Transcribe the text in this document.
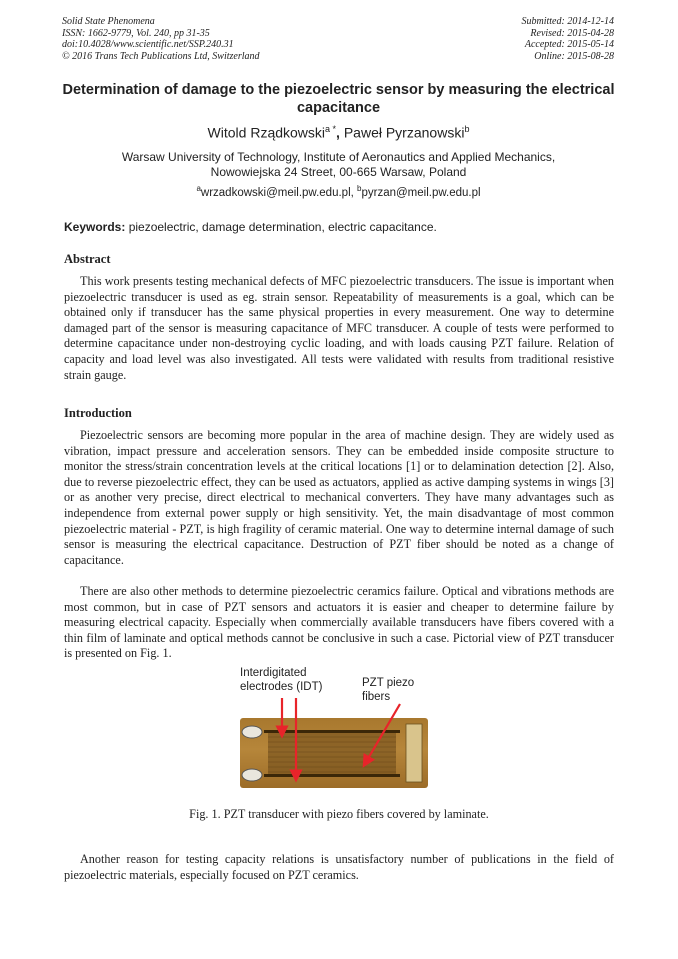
Solid State Phenomena
ISSN: 1662-9779, Vol. 240, pp 31-35
doi:10.4028/www.scientific.net/SSP.240.31
© 2016 Trans Tech Publications Ltd, Switzerland
Submitted: 2014-12-14
Revised: 2015-04-28
Accepted: 2015-05-14
Online: 2015-08-28
Determination of damage to the piezoelectric sensor by measuring the electrical capacitance
Witold Rządkowski$^{a *}$, Paweł Pyrzanowski$^b$
Warsaw University of Technology, Institute of Aeronautics and Applied Mechanics,
Nowowiejska 24 Street, 00-665 Warsaw, Poland
$^a$wrzadkowski@meil.pw.edu.pl, $^b$pyrzan@meil.pw.edu.pl
Keywords: piezoelectric, damage determination, electric capacitance.
Abstract

This work presents testing mechanical defects of MFC piezoelectric transducers. The issue is important when piezoelectric transducer is used as eg. strain sensor. Repeatability of measurements is a goal, which can be obtained only if transducer has the same physical properties in every measurement. One way to determine damaged part of the sensor is measuring capacitance of MFC transducer. A couple of tests were performed to determine capacitance under non-destroying cyclic loading, and with loads causing PZT failure. Relation of capacity and load level was also investigated. All tests were validated with results from traditional resistive strain gauge.

Introduction

Piezoelectric sensors are becoming more popular in the area of machine design. They are widely used as vibration, impact pressure and acceleration sensors. They can be embedded inside composite structure to monitor the stress/strain concentration levels at the critical locations [1] or to delamination detection [2]. Also, due to reverse piezoelectric effect, they can be used as actuators, applied as active damping systems in wings [3] or as another very precise, direct electrical to mechanical converters. They have many advantages such as independence from external power supply or high sensitivity. Yet, the main disadvantage of most common piezoelectric material - PZT, is high fragility of ceramic material. One way to determine internal damage of such sensor is measuring the electrical capacitance. Destruction of PZT fiber should be noted as a change of capacitance.

There are also other methods to determine piezoelectric ceramics failure. Optical and vibrations methods are most common, but in case of PZT sensors and actuators it is easier and cheaper to determine failure by measuring electrical capacity. Especially when commercially available transducers have fibers covered with a thin film of laminate and optical methods cannot be conclusive in such a case. Pictorial view of PZT transducer is presented on Fig. 1.

Interdigitated
electrodes (IDT)	PZT piezo fibers
Fig. 1. PZT transducer with piezo fibers covered by laminate.

Another reason for testing capacity relations is unsatisfactory number of publications in the field of piezoelectric materials, especially focused on PZT ceramics.
